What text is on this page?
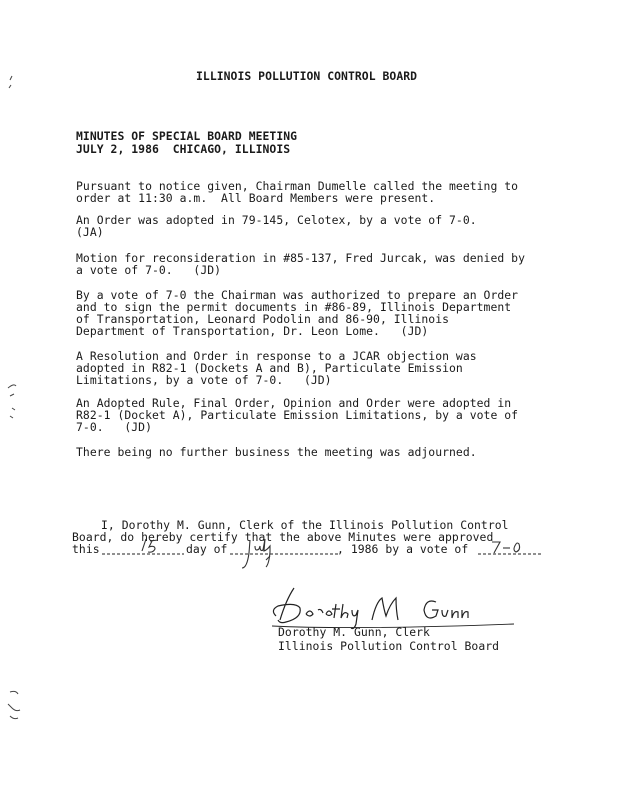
ILLINOIS POLLUTION CONTROL BOARD
MINUTES OF SPECIAL BOARD MEETING
JULY 2, 1986  CHICAGO, ILLINOIS
Pursuant to notice given, Chairman Dumelle called the meeting to
order at 11:30 a.m.  All Board Members were present.
An Order was adopted in 79-145, Celotex, by a vote of 7-0.
(JA)
Motion for reconsideration in #85-137, Fred Jurcak, was denied by
a vote of 7-0.   (JD)
By a vote of 7-0 the Chairman was authorized to prepare an Order
and to sign the permit documents in #86-89, Illinois Department
of Transportation, Leonard Podolin and 86-90, Illinois
Department of Transportation, Dr. Leon Lome.   (JD)
A Resolution and Order in response to a JCAR objection was
adopted in R82-1 (Dockets A and B), Particulate Emission
Limitations, by a vote of 7-0.   (JD)
An Adopted Rule, Final Order, Opinion and Order were adopted in
R82-1 (Docket A), Particulate Emission Limitations, by a vote of
7-0.   (JD)
There being no further business the meeting was adjourned.
I, Dorothy M. Gunn, Clerk of the Illinois Pollution Control
Board, do hereby certify that the above Minutes were approved
this	day of	, 1986 by a vote of
Dorothy M. Gunn, Clerk
Illinois Pollution Control Board
